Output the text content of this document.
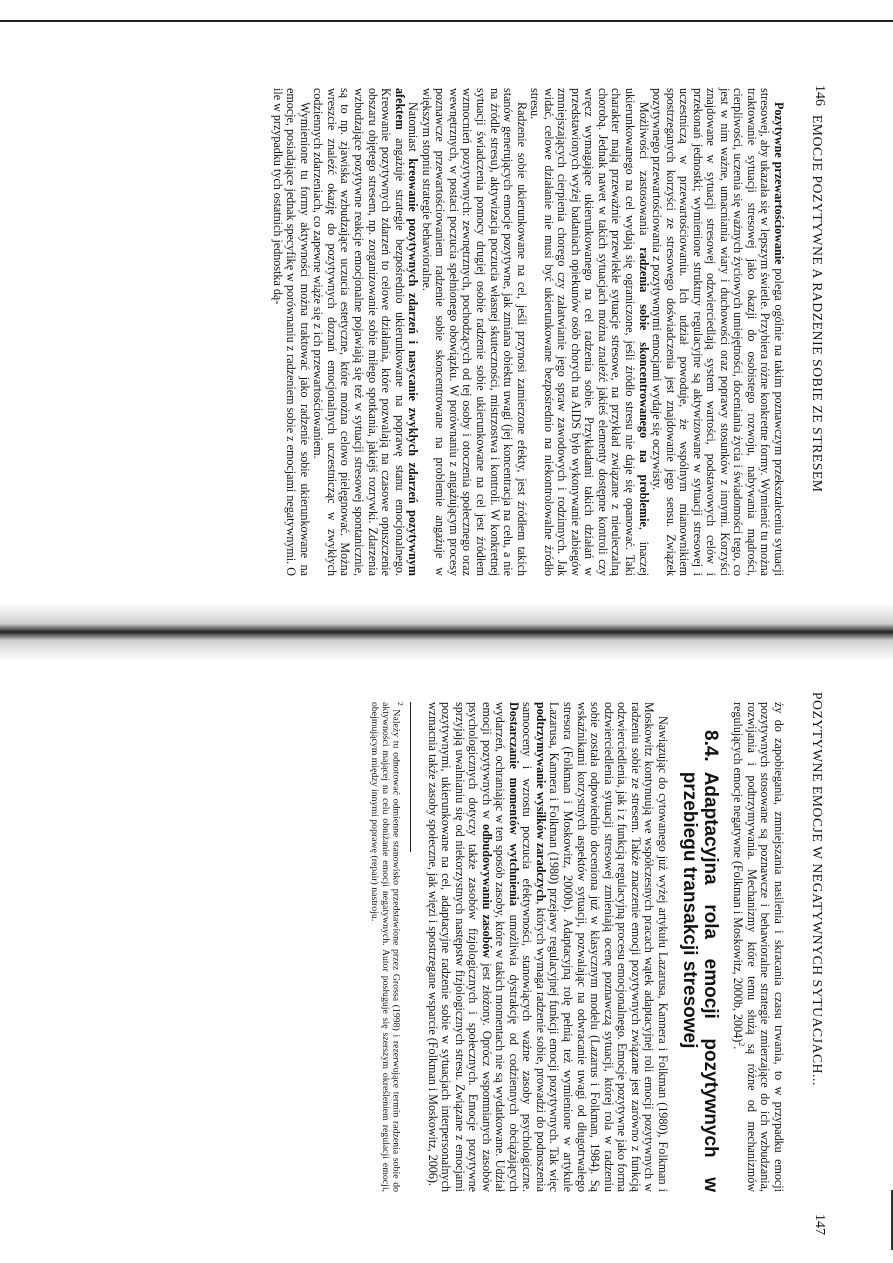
146
EMOCJE POZYTYWNE A RADZENIE SOBIE ZE STRESEM

Pozytywne przewartościowanie polega ogólnie na takim poznawczym przekształceniu sytuacji stresowej, aby ukazała się w lepszym świetle. Przybiera różne konkretne formy. Wymienić tu można traktowanie sytuacji stresowej jako okazji do osobistego rozwoju, nabywania mądrości, cierpliwości, uczenia się ważnych życiowych umiejętności, doceniania życia i świadomości tego, co jest w nim ważne, umacniania wiary i duchowości oraz poprawy stosunków z innymi. Korzyści znajdowane w sytuacji stresowej odzwierciedlają system wartości, podstawowych celów i przekonań jednostki; wymienione struktury regulacyjne są aktywizowane w sytuacji stresowej i uczestniczą w przewartościowaniu. Ich udział powoduje, że wspólnym mianownikiem spostrzeganych korzyści ze stresowego doświadczenia jest znajdowanie jego sensu. Związek pozytywnego przewartościowania z pozytywnymi emocjami wydaje się oczywisty.

Możliwości zastosowania radzenia sobie skoncentrowanego na problemie, inaczej ukierunkowanego na cel wydają się ograniczone, jeśli źródło stresu nie daje się opanować. Taki charakter mają przeważnie przewlekłe sytuacje stresowe, na przykład związane z nieuleczalną chorobą. Jednak nawet w takich sytuacjach można znaleźć jakieś elementy dostępne kontroli czy wręcz wymagające ukierunkowanego na cel radzenia sobie. Przykładami takich działań w przedstawionych wyżej badaniach opiekunów osób chorych na AIDS było wykonywanie zabiegów zmniejszających cierpienia chorego czy załatwianie jego spraw zawodowych i rodzinnych. Jak widać, celowe działanie nie musi być ukierunkowane bezpośrednio na niekontrolowalne źródło stresu.

Radzenie sobie ukierunkowane na cel, jeśli przynosi zamierzone efekty, jest źródłem takich stanów generujących emocje pozytywne, jak zmiana obiektu uwagi (jej koncentracja na celu, a nie na źródle stresu), aktywizacja poczucia własnej skuteczności, mistrzostwa i kontroli. W konkretnej sytuacji świadczenia pomocy drugiej osobie radzenie sobie ukierunkowane na cel jest źródłem wzmocnień pozytywnych: zewnętrznych, pochodzących od tej osoby i otoczenia społecznego oraz wewnętrznych, w postaci poczucia spełnionego obowiązku. W porównaniu z angażującym procesy poznawcze przewartościowaniem radzenie sobie skoncentrowane na problemie angażuje w większym stopniu strategie behawioralne.

Natomiast kreowanie pozytywnych zdarzeń i nasycanie zwykłych zdarzeń pozytywnym afektem angażuje strategie bezpośrednio ukierunkowane na poprawę stanu emocjonalnego. Kreowanie pozytywnych zdarzeń to celowe działania, które pozwalają na czasowe opuszczenie obszaru objętego stresem, np. zorganizowanie sobie miłego spotkania, jakiejś rozrywki. Zdarzenia wzbudzające pozytywne reakcje emocjonalne pojawiają się też w sytuacji stresowej spontanicznie, są to np. zjawiska wzbudzające uczucia estetyczne, które można celowo pielęgnować. Można wreszcie znaleźć okazję do pozytywnych doznań emocjonalnych uczestnicząc w zwykłych codziennych zdarzeniach, co zapewne wiąże się z ich przewartościowaniem.

Wymienione tu formy aktywności można traktować jako radzenie sobie ukierunkowane na emocje, posiadające jednak specyfikę w porównaniu z radzeniem sobie z emocjami negatywnymi. O ile w przypadku tych ostatnich jednostka dą-

POZYTYWNE EMOCJE W NEGATYWNYCH SYTUACJACH...
147

ży do zapobiegania, zmniejszania nasilenia i skracania czasu trwania, to w przypadku emocji pozytywnych stosowane są poznawcze i behawioralne strategie zmierzające do ich wzbudzania, rozwijania i podtrzymywania. Mechanizmy które temu służą są różne od mechanizmów regulujących emocje negatywne (Folkman i Moskowitz, 2000b, 2004)$^2$.

8.4.
Adaptacyjna rola emocji pozytywnych w przebiegu transakcji stresowej

Nawiązując do cytowanego już wyżej artykułu Lazarusa, Kannera i Folkman (1980), Folkman i Moskowitz kontynuują we współczesnych pracach wątek adaptacyjnej roli emocji pozytywnych w radzeniu sobie ze stresem. Także znaczenie emocji pozytywnych związane jest zarówno z funkcją odzwierciedlenia, jak i z funkcją regulacyjną procesu emocjonalnego. Emocje pozytywne jako forma odzwierciedlenia sytuacji stresowej zmieniają ocenę poznawczą sytuacji, której rola w radzeniu sobie została odpowiednio doceniona już w klasycznym modelu (Lazarus i Folkman, 1984). Są wskaźnikami korzystnych aspektów sytuacji, pozwalając na odwracanie uwagi od długotrwałego stresora (Folkman i Moskowitz, 2000b). Adaptacyjną rolę pełnią też wymienione w artykule Lazarusa, Kannera i Folkman (1980) przejawy regulacyjnej funkcji emocji pozytywnych. Tak więc podtrzymywanie wysiłków zaradczych, których wymaga radzenie sobie, prowadzi do podnoszenia samooceny i wzrostu poczucia efektywności, stanowiących ważne zasoby psychologiczne. Dostarczanie momentów wytchnienia umożliwia dystrakcję od codziennych obciążających wydarzeń, ochraniając w ten sposób zasoby, które w takich momentach nie są wydatkowane. Udział emocji pozytywnych w odbudowywaniu zasobów jest złożony. Oprócz wspomnianych zasobów psychologicznych dotyczy także zasobów fizjologicznych i społecznych. Emocje pozytywne sprzyjają uwalnianiu się od niekorzystnych następstw fizjologicznych stresu. Związane z emocjami pozytywnymi, ukierunkowane na cel, adaptacyjne radzenie sobie w sytuacjach interpersonalnych wzmacnia także zasoby społeczne, jak więzi i spostrzegane wsparcie (Folkman i Moskowitz, 2006).

$^2$ Należy tu odnotować odmienne stanowisko przedstawione przez Grossa (1998) i rezerwujące termin radzenia sobie do aktywności mającej na celu obniżanie emocji negatywnych. Autor posługuje się szerszym określeniem regulacji emocji, obejmującym między innymi poprawę (repair) nastroju.
